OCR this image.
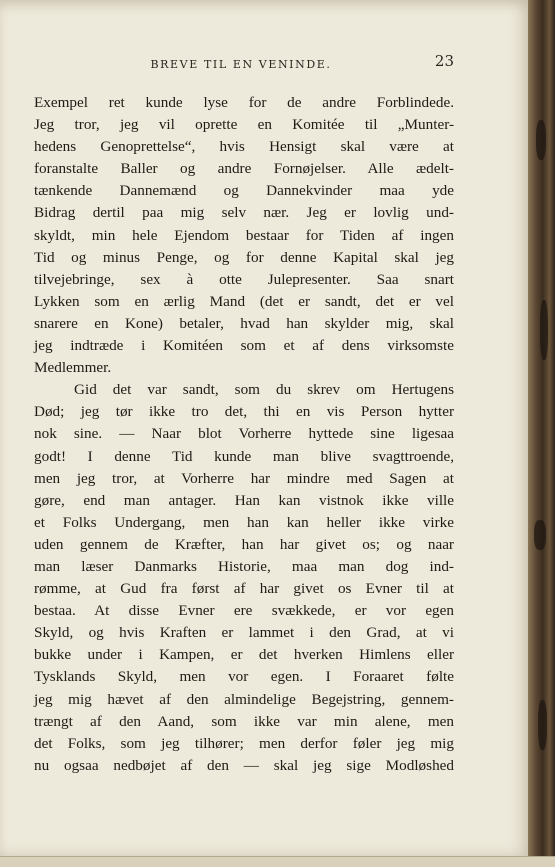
BREVE TIL EN VENINDE.	23
Exempel ret kunde lyse for de andre Forblindede.
Jeg tror, jeg vil oprette en Komitée til „Munter-
hedens Genoprettelse“, hvis Hensigt skal være at
foranstalte Baller og andre Fornøjelser. Alle ædelt-
tænkende Dannemænd og Dannekvinder maa yde
Bidrag dertil paa mig selv nær. Jeg er lovlig und-
skyldt, min hele Ejendom bestaar for Tiden af ingen
Tid og minus Penge, og for denne Kapital skal jeg
tilvejebringe, sex à otte Julepresenter. Saa snart
Lykken som en ærlig Mand (det er sandt, det er vel
snarere en Kone) betaler, hvad han skylder mig, skal
jeg indtræde i Komitéen som et af dens virksomste
Medlemmer.
Gid det var sandt, som du skrev om Hertugens
Død; jeg tør ikke tro det, thi en vis Person hytter
nok sine. — Naar blot Vorherre hyttede sine ligesaa
godt! I denne Tid kunde man blive svagttroende,
men jeg tror, at Vorherre har mindre med Sagen at
gøre, end man antager. Han kan vistnok ikke ville
et Folks Undergang, men han kan heller ikke virke
uden gennem de Kræfter, han har givet os; og naar
man læser Danmarks Historie, maa man dog ind-
rømme, at Gud fra først af har givet os Evner til at
bestaa. At disse Evner ere svækkede, er vor egen
Skyld, og hvis Kraften er lammet i den Grad, at vi
bukke under i Kampen, er det hverken Himlens eller
Tysklands Skyld, men vor egen. I Foraaret følte
jeg mig hævet af den almindelige Begejstring, gennem-
trængt af den Aand, som ikke var min alene, men
det Folks, som jeg tilhører; men derfor føler jeg mig
nu ogsaa nedbøjet af den — skal jeg sige Modløshed
